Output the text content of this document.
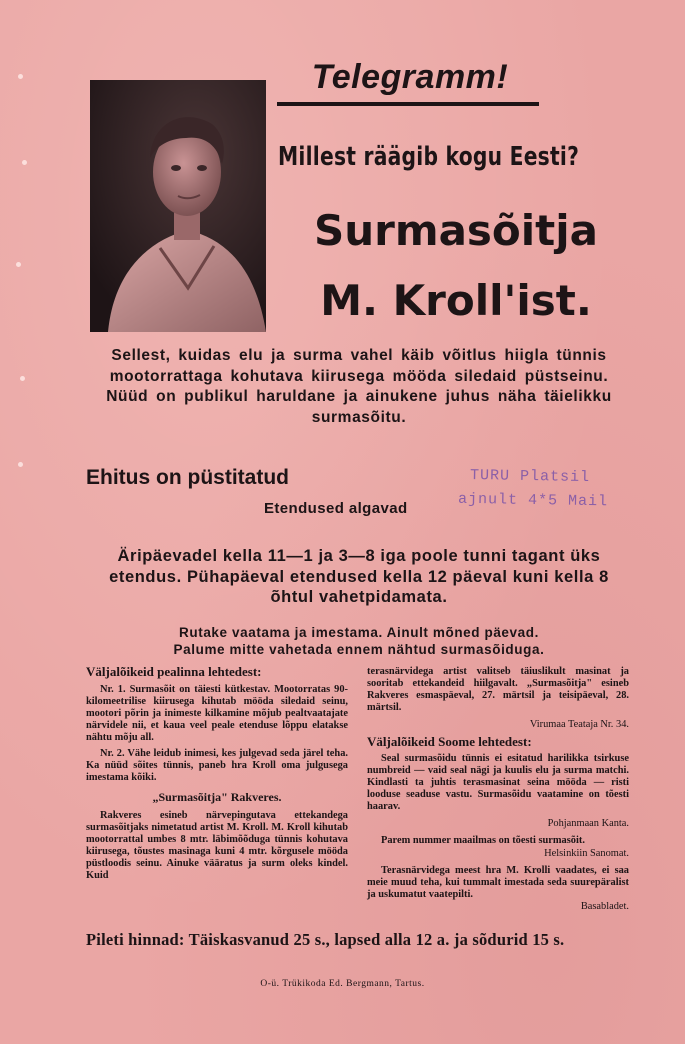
Telegramm!
Millest räägib kogu Eesti?
Surmasõitja
M. Kroll'ist.
Sellest, kuidas elu ja surma vahel käib võitlus hiigla tünnis mootorrattaga kohutava kiirusega mööda siledaid püstseinu. Nüüd on publikul haruldane ja ainukene juhus näha täielikku surmasõitu.
Ehitus on püstitatud
Etendused algavad
TURU Platsil
ajnult 4*5 Mail
Äripäevadel kella 11—1 ja 3—8 iga poole tunni tagant üks etendus. Pühapäeval etendused kella 12 päeval kuni kella 8 õhtul vahetpidamata.
Rutake vaatama ja imestama. Ainult mõned päevad.
Palume mitte vahetada ennem nähtud surmasõiduga.
Väljalõikeid pealinna lehtedest:

Nr. 1. Surmasõit on täiesti kütkestav. Mootorratas 90-kilomeetrilise kiirusega kihutab mööda siledaid seinu, mootori põrin ja inimeste kilkamine mõjub pealtvaatajate närvidele nii, et kaua veel peale etenduse lõppu elatakse nähtu mõju all.

Nr. 2. Vähe leidub inimesi, kes julgevad seda järel teha. Ka nüüd sõites tünnis, paneb hra Kroll oma julgusega imestama kõiki.

„Surmasõitja" Rakveres.

Rakveres esineb närvepingutava ettekandega surmasõitjaks nimetatud artist M. Kroll. M. Kroll kihutab mootorrattal umbes 8 mtr. läbimõõduga tünnis kohutava kiirusega, tõustes masinaga kuni 4 mtr. kõrgusele mööda püstloodis seinu. Ainuke vääratus ja surm oleks kindel. Kuid

terasnärvidega artist valitseb täiuslikult masinat ja sooritab ettekandeid hiilgavalt. „Surmasõitja" esineb Rakveres esmaspäeval, 27. märtsil ja teisipäeval, 28. märtsil.

Virumaa Teataja Nr. 34.

Väljalõikeid Soome lehtedest:

Seal surmasõidu tünnis ei esitatud harilikka tsirkuse numbreid — vaid seal nägi ja kuulis elu ja surma matchi. Kindlasti ta juhtis terasmasinat seina mööda — risti looduse seaduse vastu. Surmasõidu vaatamine on tõesti haarav.

Pohjanmaan Kanta.

Parem nummer maailmas on tõesti surmasõit.

Helsinkiin Sanomat.

Terasnärvidega meest hra M. Krolli vaadates, ei saa meie muud teha, kui tummalt imestada seda suurepäralist ja uskumatut vaatepilti.

Basabladet.

Pileti hinnad: Täiskasvanud 25 s., lapsed alla 12 a. ja sõdurid 15 s.
O-ü. Trükikoda Ed. Bergmann, Tartus.
